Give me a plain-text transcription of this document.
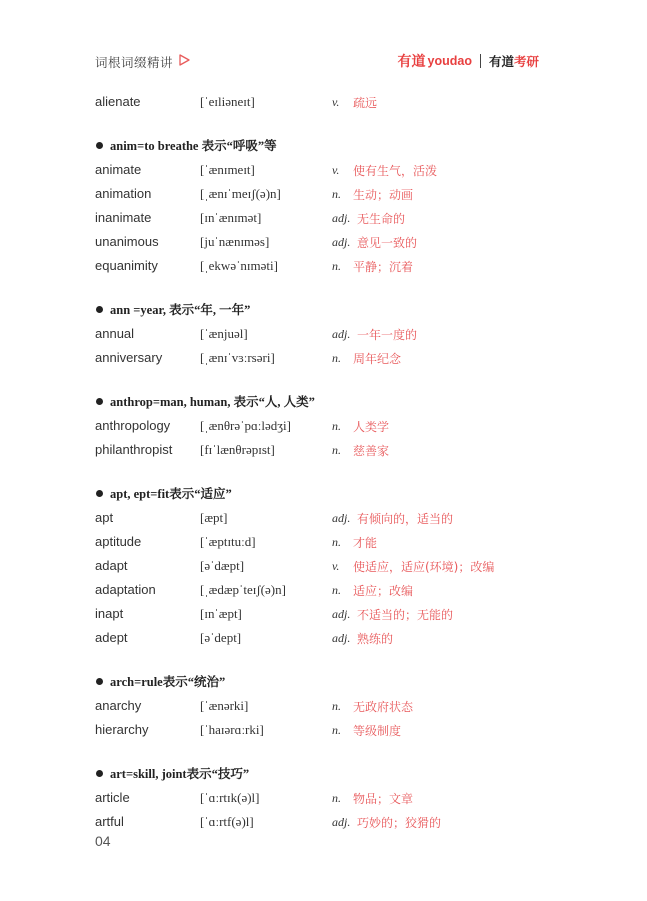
词根词缀精讲	有道 youdao 有道 考研
alienate	[ˈeɪliəneɪt]	v. 疏远
anim=to breathe 表示“呼吸”等
animate	[ˈænɪmeɪt]	v. 使有生气，活泼
animation	[ˌænɪˈmeɪʃ(ə)n]	n. 生动；动画
inanimate	[ɪnˈænɪmət]	adj. 无生命的
unanimous	[juˈnænɪməs]	adj. 意见一致的
equanimity	[ˌekwəˈnɪməti]	n. 平静；沉着
ann =year, 表示“年, 一年”
annual	[ˈænjuəl]	adj. 一年一度的
anniversary	[ˌænɪˈvɜːrsəri]	n. 周年纪念
anthrop=man, human, 表示“人, 人类”
anthropology [ˌænθrəˈpɑːlədʒi]	n. 人类学
philanthropist [fɪˈlænθrəpɪst]	n. 慈善家
apt, ept=fit表示“适应”
apt	[æpt]	adj. 有倾向的，适当的
aptitude	[ˈæptɪtuːd]	n. 才能
adapt	[əˈdæpt]	v. 使适应，适应(环境)；改编
adaptation	[ˌædæpˈteɪʃ(ə)n]	n. 适应；改编
inapt	[ɪnˈæpt]	adj. 不适当的；无能的
adept	[əˈdept]	adj. 熟练的
arch=rule表示“统治”
anarchy	[ˈænərki]	n. 无政府状态
hierarchy	[ˈhaɪərɑːrki]	n. 等级制度
art=skill, joint表示“技巧”
article	[ˈɑːrtɪk(ə)l]	n. 物品；文章
artful	[ˈɑːrtf(ə)l]	adj. 巧妙的；狡猾的
04
